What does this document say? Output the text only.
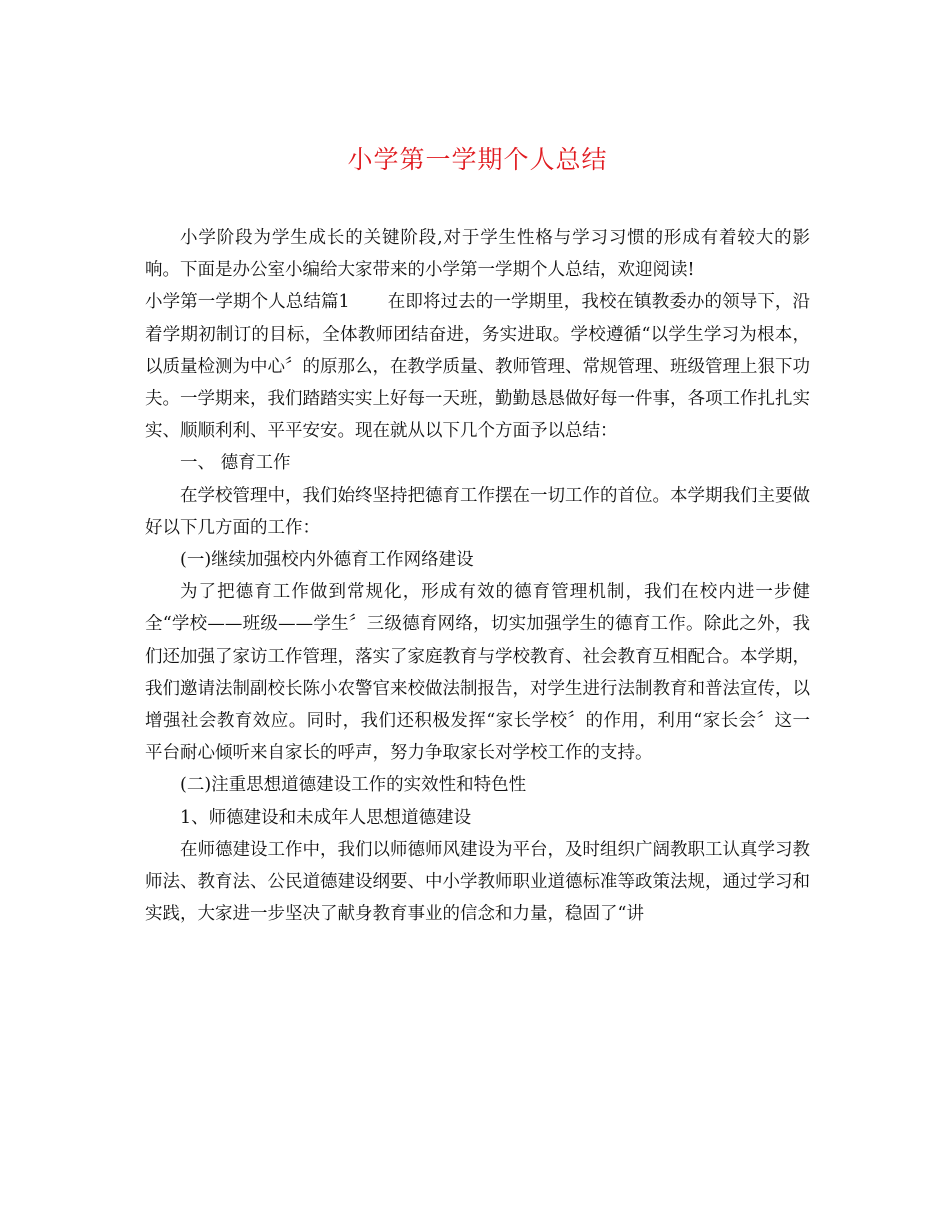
小学第一学期个人总结

小学阶段为学生成长的关键阶段,对于学生性格与学习习惯的形成有着较大的影响。下面是办公室小编给大家带来的小学第一学期个人总结，欢迎阅读!

小学第一学期个人总结篇1 在即将过去的一学期里，我校在镇教委办的领导下，沿着学期初制订的目标，全体教师团结奋进，务实进取。学校遵循“以学生学习为根本，以质量检测为中心〞的原那么，在教学质量、教师管理、常规管理、班级管理上狠下功夫。一学期来，我们踏踏实实上好每一天班，勤勤恳恳做好每一件事，各项工作扎扎实实、顺顺利利、平平安安。现在就从以下几个方面予以总结：

一、 德育工作

在学校管理中，我们始终坚持把德育工作摆在一切工作的首位。本学期我们主要做好以下几方面的工作：

(一)继续加强校内外德育工作网络建设

为了把德育工作做到常规化，形成有效的德育管理机制，我们在校内进一步健全“学校——班级——学生〞三级德育网络，切实加强学生的德育工作。除此之外，我们还加强了家访工作管理，落实了家庭教育与学校教育、社会教育互相配合。本学期，我们邀请法制副校长陈小农警官来校做法制报告，对学生进行法制教育和普法宣传，以增强社会教育效应。同时，我们还积极发挥“家长学校〞的作用，利用“家长会〞这一平台耐心倾听来自家长的呼声，努力争取家长对学校工作的支持。

(二)注重思想道德建设工作的实效性和特色性

1、师德建设和未成年人思想道德建设

在师德建设工作中，我们以师德师风建设为平台，及时组织广阔教职工认真学习教师法、教育法、公民道德建设纲要、中小学教师职业道德标准等政策法规，通过学习和实践，大家进一步坚决了献身教育事业的信念和力量，稳固了“讲
